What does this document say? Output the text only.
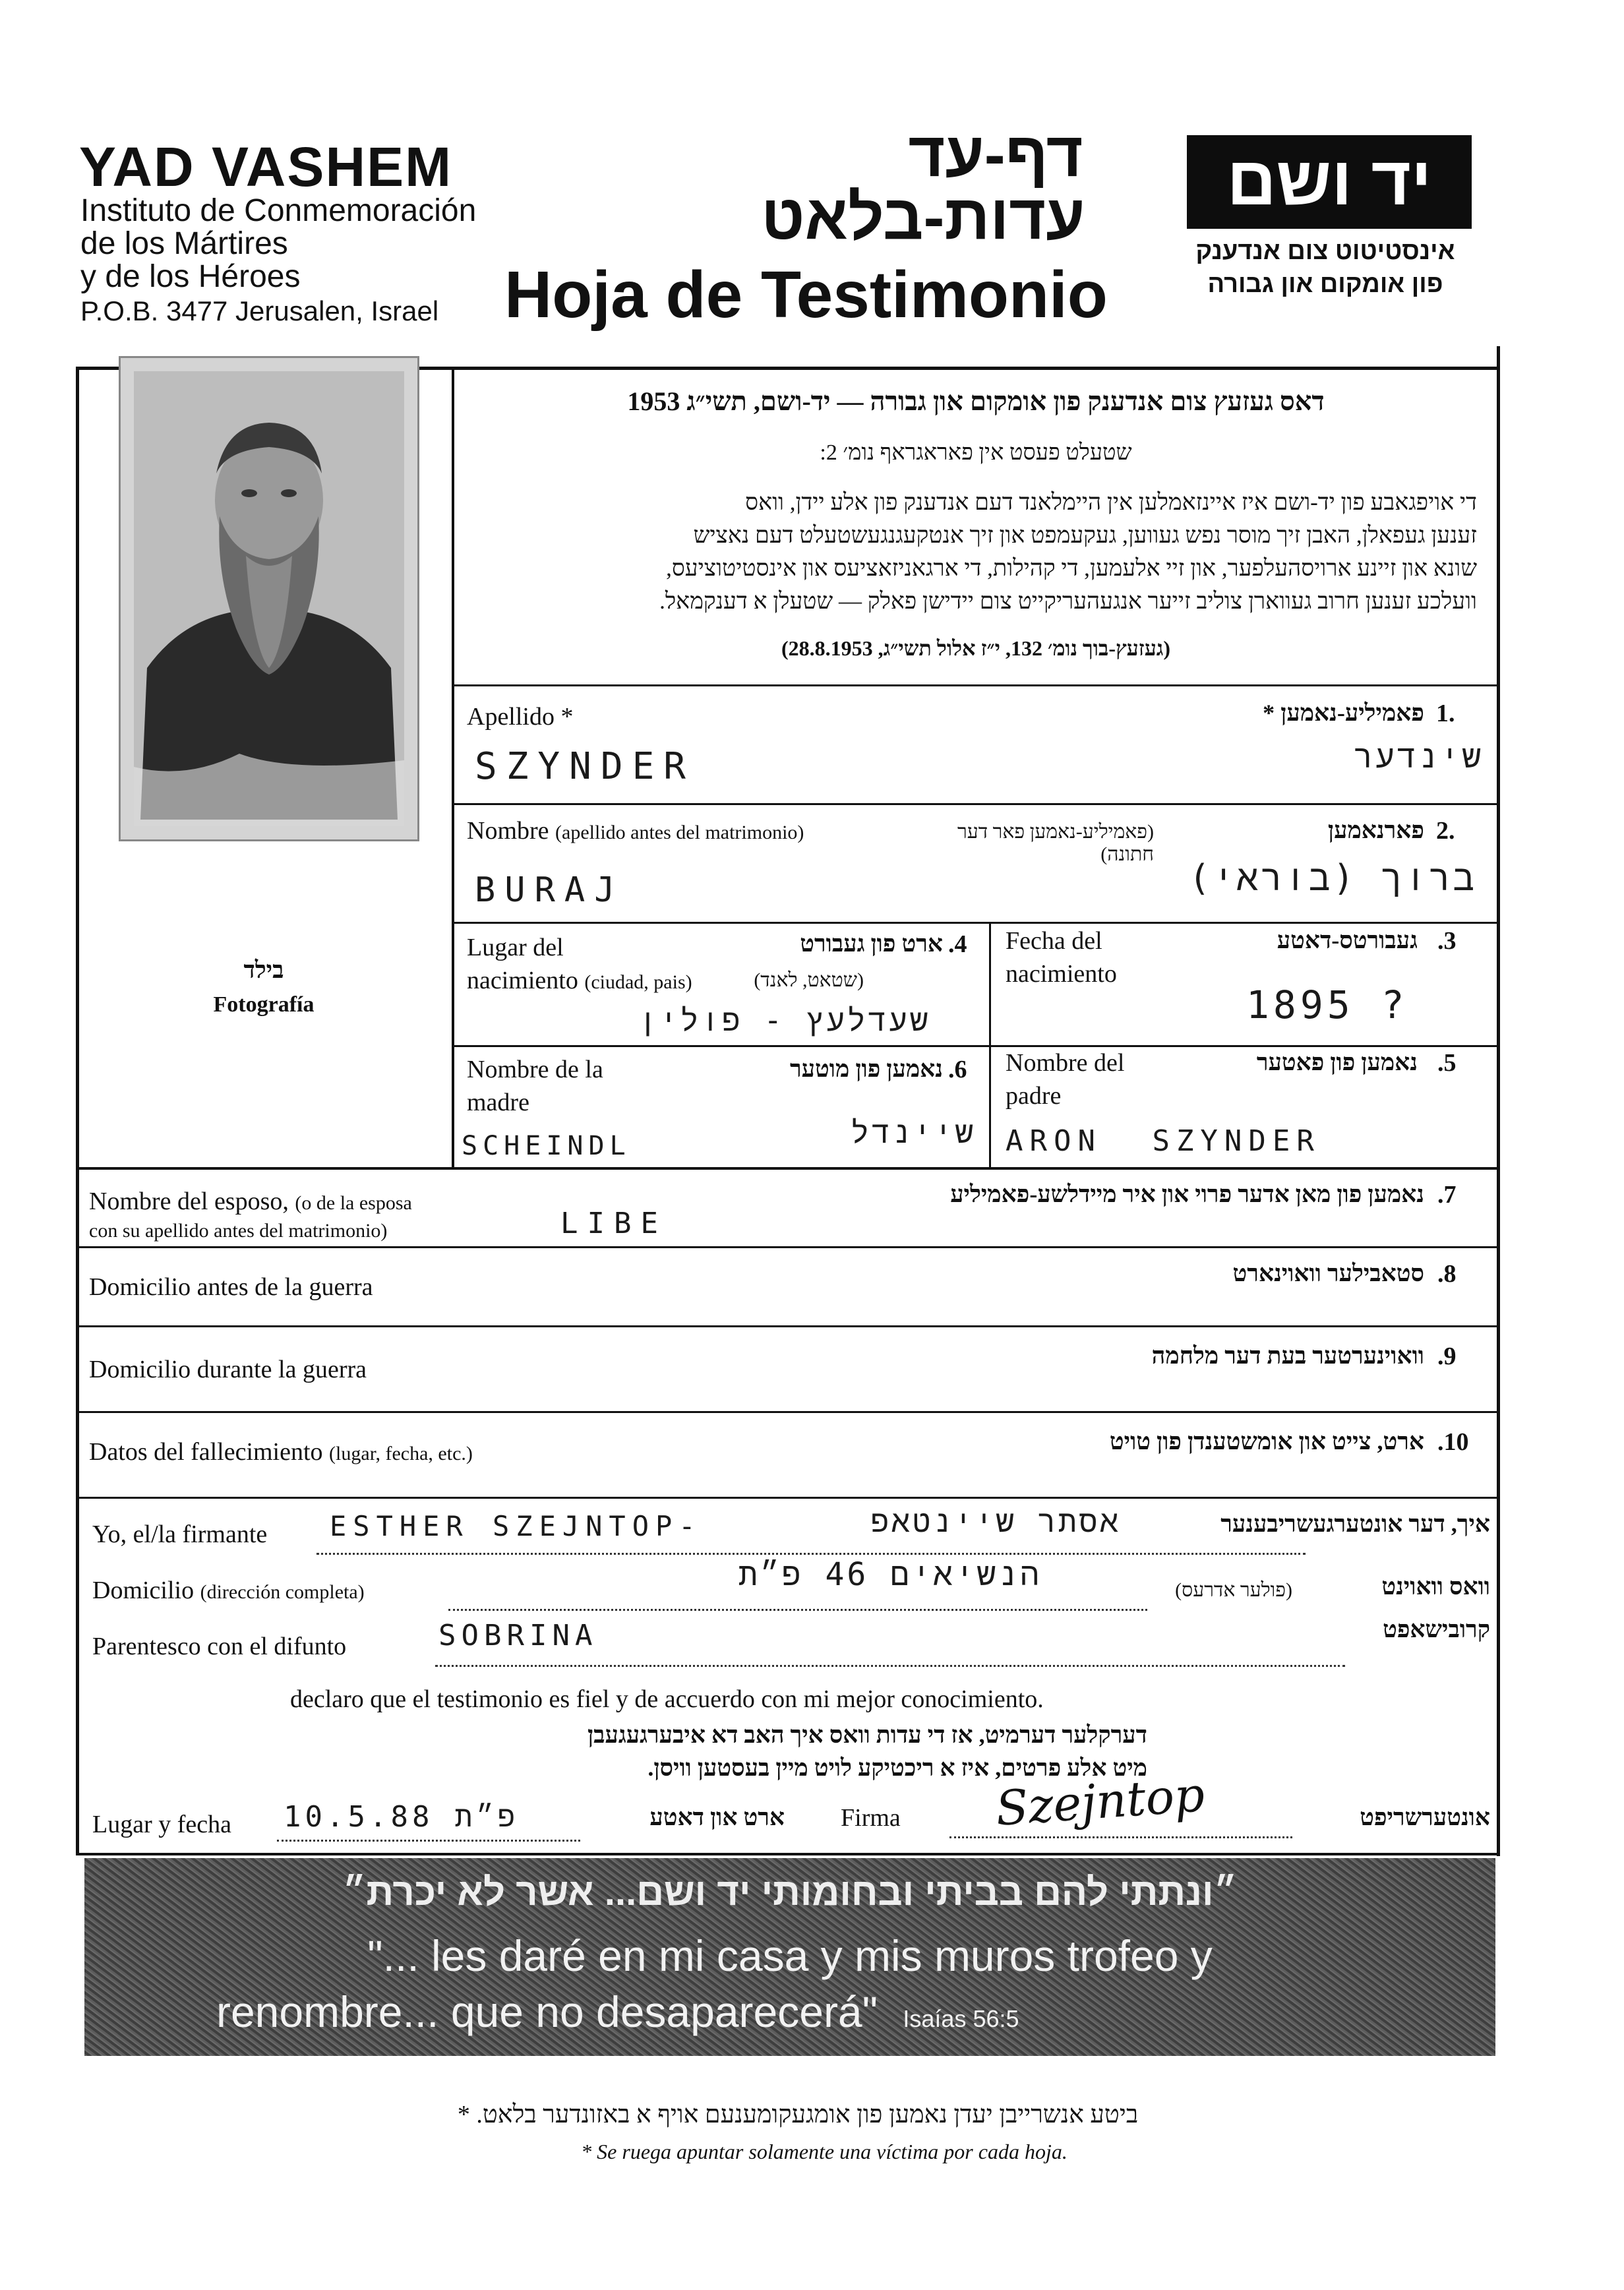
YAD VASHEM
Instituto de Conmemoración
de los Mártires
y de los Héroes
P.O.B. 3477 Jerusalen, Israel
דף-עד
עדות-בלאט
Hoja de Testimonio
יד ושם
אינסטיטוט צום אנדענק
פון אומקום און גבורה
בילד
Fotografía
דאס געזעץ צום אנדענק פון אומקום און גבורה — יד-ושם, תשי״ג 1953
שטעלט פעסט אין פאראגראף נומ׳ 2:
די אויפגאבע פון יד-ושם איז איינזאמלען אין היימלאנד דעם אנדענק פון אלע יידן, וואס
זענען געפאלן, האבן זיך מוסר נפש געווען, געקעמפט און זיך אנטקעגנגעשטעלט דעם נאציש
שונא און זיינע ארויסהעלפער, און זיי אלעמען, די קהילות, די ארגאניזאציעס און אינסטיטוציעס,
וועלכע זענען חרוב געווארן צוליב זייער אנגעהעריקייט צום יידישן פאלק — שטעלן א דענקמאל.
(געזעץ-בוך נומ׳ 132, י״ז אלול תשי״ג, 28.8.1953)
Apellido *	פאמיליע-נאמען * 1.
SZYNDER	שינדער
Nombre (apellido antes del matrimonio)	(פאמיליע-נאמען פאר דער חתונה)
פארנאמען 2.
BURAJ	ברוך (בוראי)
Lugar del
nacimiento (ciudad, pais)
ארט פון געבורט .4
(שטאט, לאנד)
שעדלעץ - פולין
Fecha del
nacimiento
געבורטס-דאטע .3
1895 ?
Nombre de la
madre
נאמען פון מוטער .6
SCHEINDL	שיינדל
Nombre del
padre
נאמען פון פאטער .5
ARON SZYNDER
Nombre del esposo, (o de la esposa
con su apellido antes del matrimonio)	LIBE
נאמען פון מאן אדער פרוי און איר מיידלשע-פאמיליע .7
Domicilio antes de la guerra	סטאבילער וואוינארט .8
Domicilio durante la guerra	וואוינערטער בעת דער מלחמה .9
Datos del fallecimiento (lugar, fecha, etc.)	ארט, צייט און אומשטענדן פון טויט .10
Yo, el/la firmante ESTHER SZEJNTOP-	אסתר שיינטאפ	איך, דער אונטערגעשריבענער
Domicilio (dirección completa)	הנשיאים 46 פ״ת	(פולער אדרעס)	וואס וואוינט
Parentesco con el difunto	SOBRINA	קרובישאפט
declaro que el testimonio es fiel y de accuerdo con mi mejor conocimiento.
דערקלער דערמיט, אז די עדות וואס איך האב דא איבערגעגעבן
מיט אלע פרטים, איז א ריכטיקע לויט מיין בעסטען וויסן.
Lugar y fecha 10.5.88 פ״ת	ארט און דאטע Firma Szejntop	אונטערשריפט
״ונתתי להם בביתי ובחומותי יד ושם... אשר לא יכרת״
"... les daré en mi casa y mis muros trofeo y
renombre... que no desaparecerá" Isaías 56:5
ביטע אנשרייבן יעדן נאמען פון אומגעקומענעם אויף א באזונדער בלאט. *
* Se ruega apuntar solamente una víctima por cada hoja.
